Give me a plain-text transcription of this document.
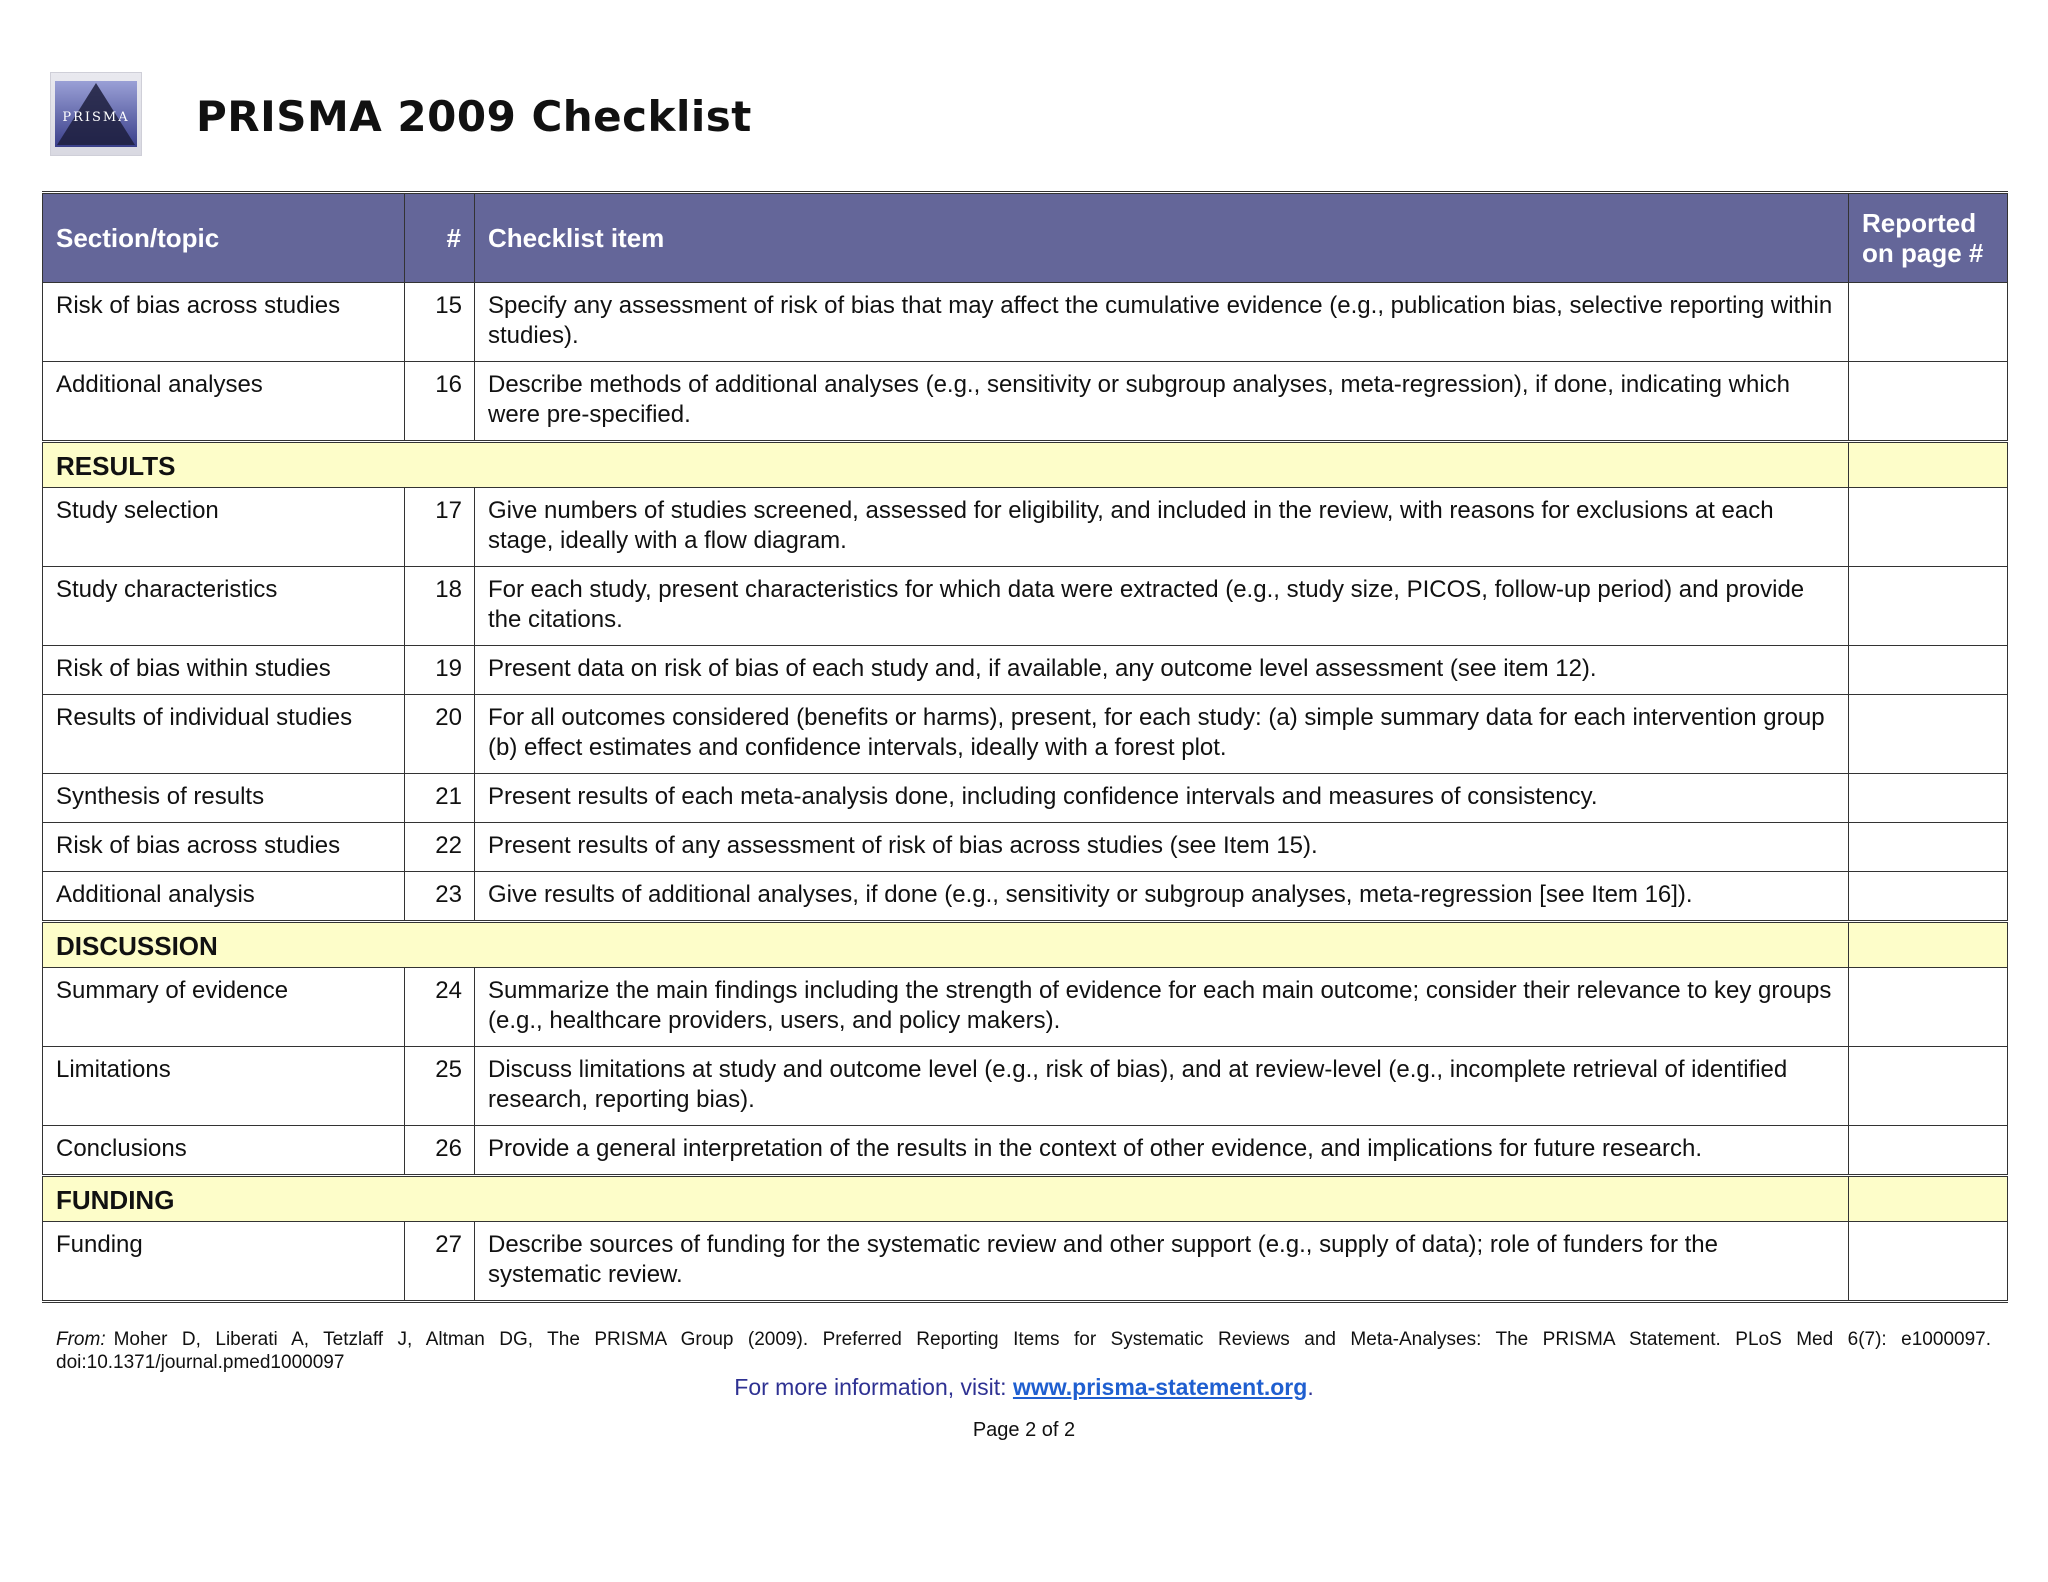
PRISMA PRISMA 2009 Checklist
Section/topic	#	Checklist item	Reported on page #
Risk of bias across studies	15	Specify any assessment of risk of bias that may affect the cumulative evidence (e.g., publication bias, selective reporting within studies).	
Additional analyses	16	Describe methods of additional analyses (e.g., sensitivity or subgroup analyses, meta-regression), if done, indicating which were pre-specified.	
RESULTS			
Study selection	17	Give numbers of studies screened, assessed for eligibility, and included in the review, with reasons for exclusions at each stage, ideally with a flow diagram.	
Study characteristics	18	For each study, present characteristics for which data were extracted (e.g., study size, PICOS, follow-up period) and provide the citations.	
Risk of bias within studies	19	Present data on risk of bias of each study and, if available, any outcome level assessment (see item 12).	
Results of individual studies	20	For all outcomes considered (benefits or harms), present, for each study: (a) simple summary data for each intervention group (b) effect estimates and confidence intervals, ideally with a forest plot.	
Synthesis of results	21	Present results of each meta-analysis done, including confidence intervals and measures of consistency.	
Risk of bias across studies	22	Present results of any assessment of risk of bias across studies (see Item 15).	
Additional analysis	23	Give results of additional analyses, if done (e.g., sensitivity or subgroup analyses, meta-regression [see Item 16]).	
DISCUSSION			
Summary of evidence	24	Summarize the main findings including the strength of evidence for each main outcome; consider their relevance to key groups (e.g., healthcare providers, users, and policy makers).	
Limitations	25	Discuss limitations at study and outcome level (e.g., risk of bias), and at review-level (e.g., incomplete retrieval of identified research, reporting bias).	
Conclusions	26	Provide a general interpretation of the results in the context of other evidence, and implications for future research.	
FUNDING			
Funding	27	Describe sources of funding for the systematic review and other support (e.g., supply of data); role of funders for the systematic review.	
From: Moher D, Liberati A, Tetzlaff J, Altman DG, The PRISMA Group (2009). Preferred Reporting Items for Systematic Reviews and Meta-Analyses: The PRISMA Statement. PLoS Med 6(7): e1000097. doi:10.1371/journal.pmed1000097
For more information, visit: www.prisma-statement.org.
Page 2 of 2
